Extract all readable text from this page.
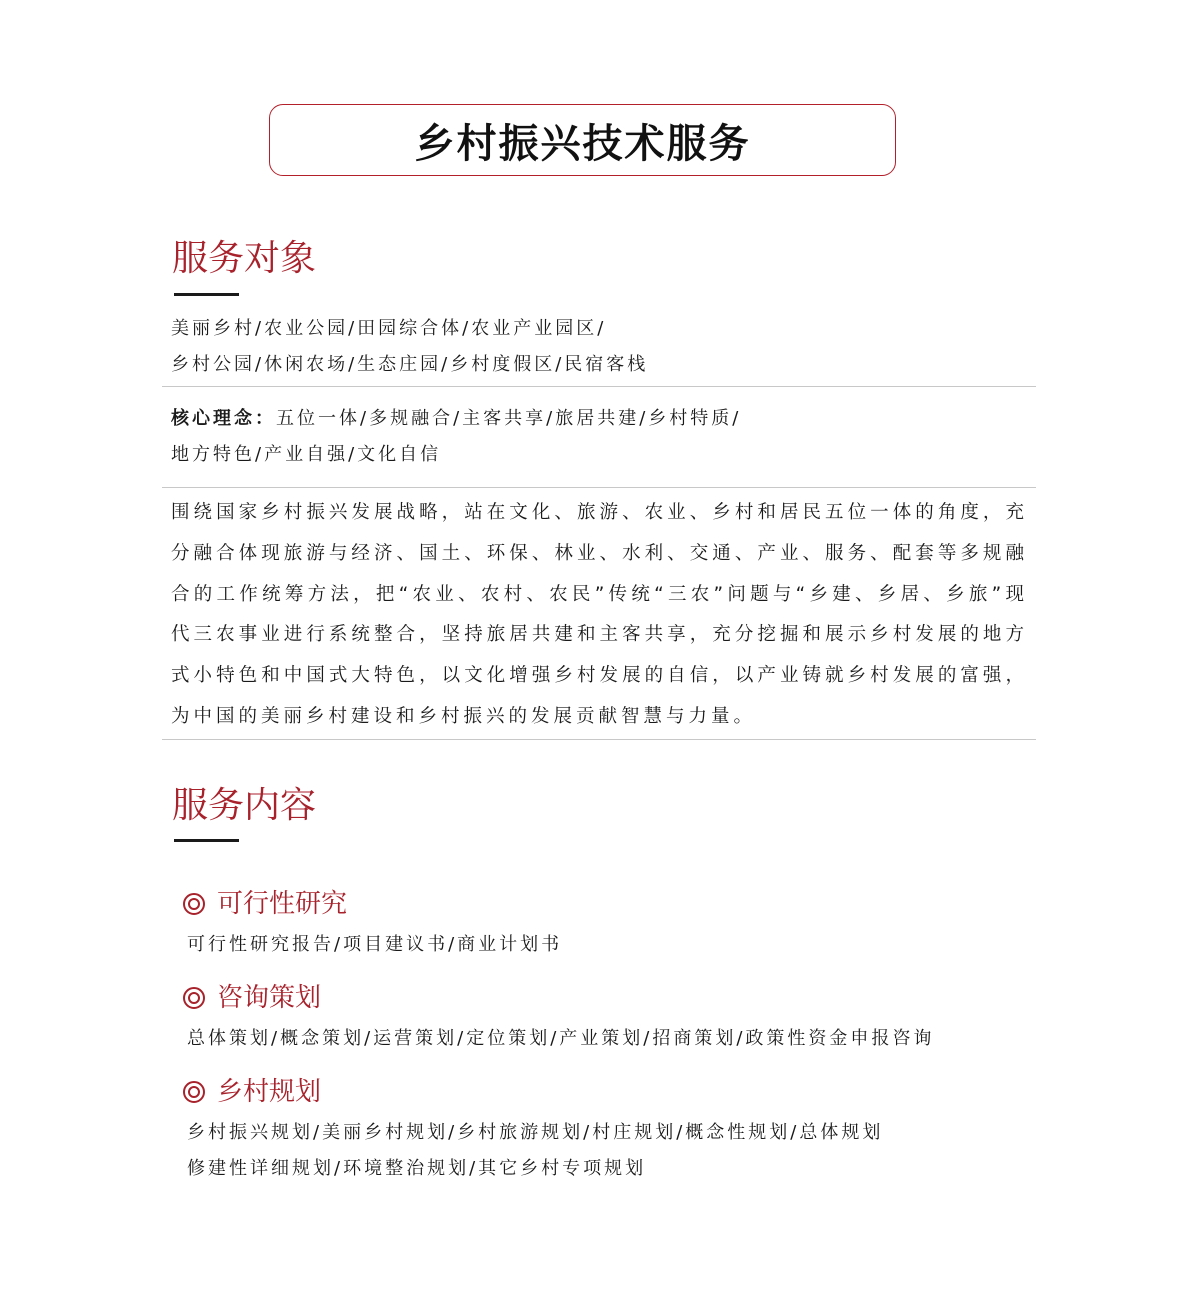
乡村振兴技术服务
服务对象
美丽乡村/农业公园/田园综合体/农业产业园区/
乡村公园/休闲农场/生态庄园/乡村度假区/民宿客栈
核心理念：五位一体/多规融合/主客共享/旅居共建/乡村特质/
地方特色/产业自强/文化自信
围绕国家乡村振兴发展战略，站在文化、旅游、农业、乡村和居民五位一体的角度，充分融合体现旅游与经济、国土、环保、林业、水利、交通、产业、服务、配套等多规融合的工作统筹方法，把“农业、农村、农民”传统“三农”问题与“乡建、乡居、乡旅”现代三农事业进行系统整合，坚持旅居共建和主客共享，充分挖掘和展示乡村发展的地方式小特色和中国式大特色，以文化增强乡村发展的自信，以产业铸就乡村发展的富强，为中国的美丽乡村建设和乡村振兴的发展贡献智慧与力量。
服务内容
可行性研究
可行性研究报告/项目建议书/商业计划书
咨询策划
总体策划/概念策划/运营策划/定位策划/产业策划/招商策划/政策性资金申报咨询
乡村规划
乡村振兴规划/美丽乡村规划/乡村旅游规划/村庄规划/概念性规划/总体规划
修建性详细规划/环境整治规划/其它乡村专项规划
